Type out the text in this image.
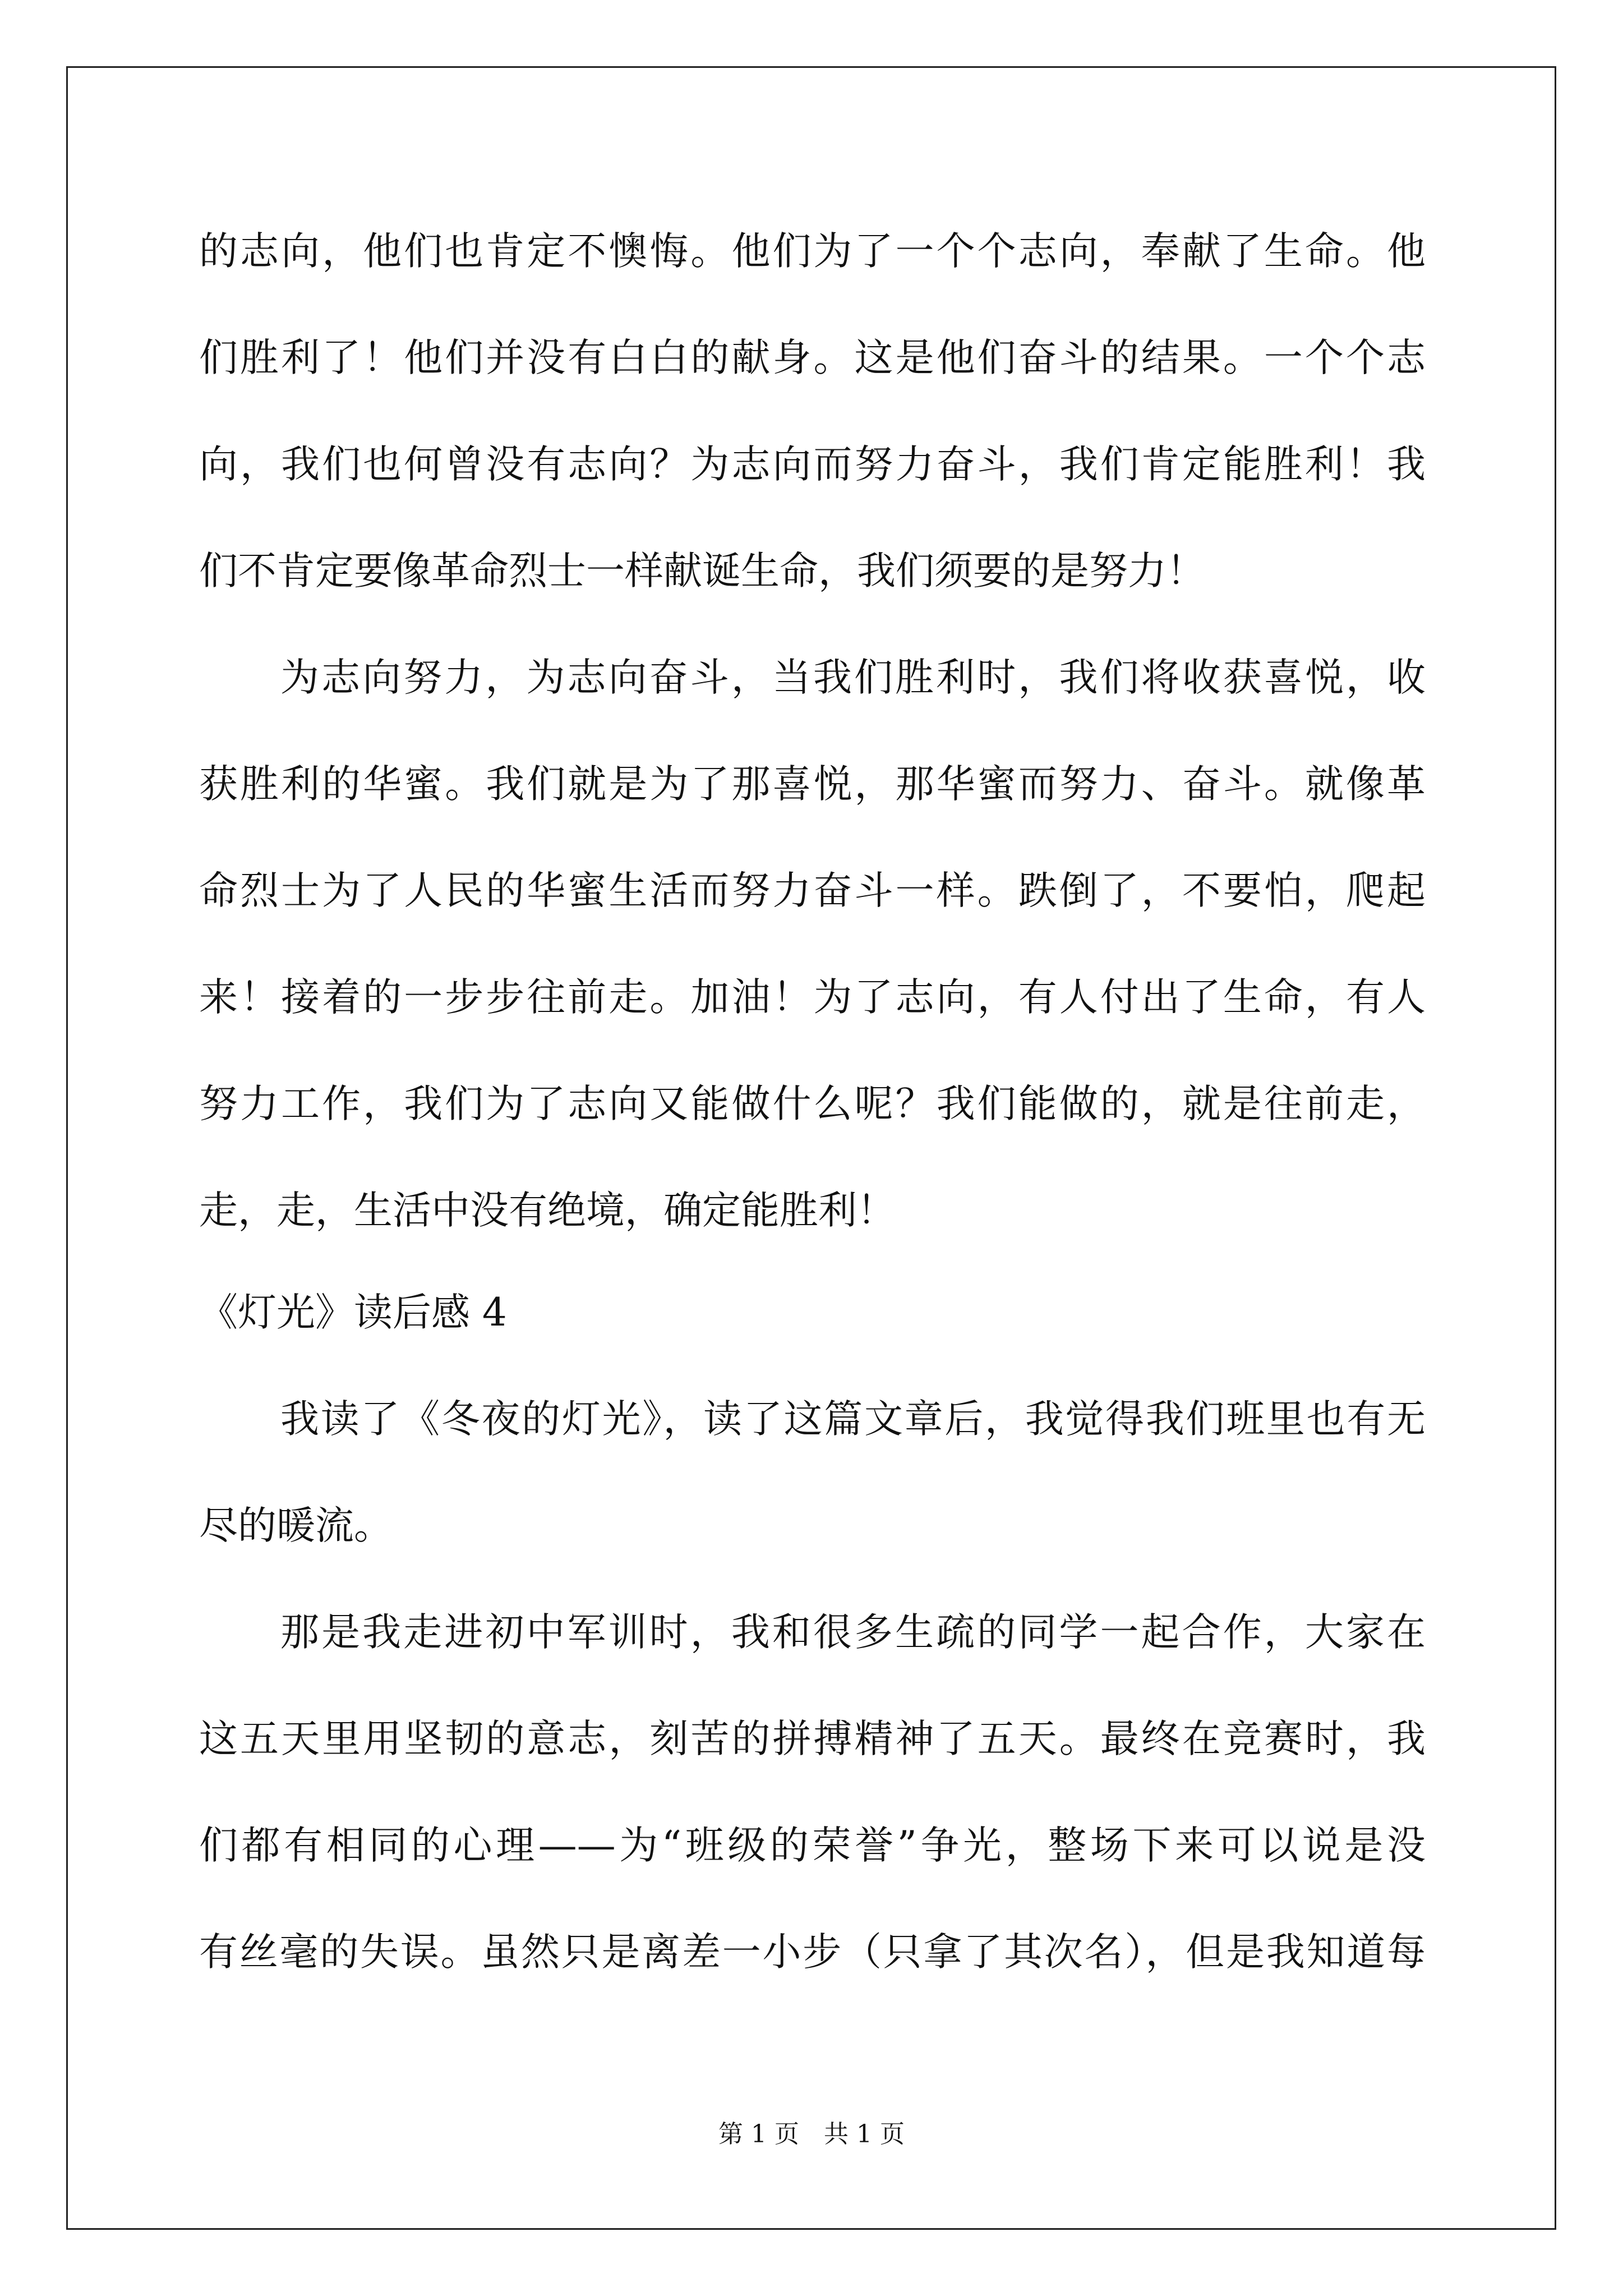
的志向，他们也肯定不懊悔。他们为了一个个志向，奉献了生命。他
们胜利了！他们并没有白白的献身。这是他们奋斗的结果。一个个志
向，我们也何曾没有志向？为志向而努力奋斗，我们肯定能胜利！我
们不肯定要像革命烈士一样献诞生命，我们须要的是努力！
为志向努力，为志向奋斗，当我们胜利时，我们将收获喜悦，收
获胜利的华蜜。我们就是为了那喜悦，那华蜜而努力、奋斗。就像革
命烈士为了人民的华蜜生活而努力奋斗一样。跌倒了，不要怕，爬起
来！接着的一步步往前走。加油！为了志向，有人付出了生命，有人
努力工作，我们为了志向又能做什么呢？我们能做的，就是往前走，
走，走，生活中没有绝境，确定能胜利！
《灯光》读后感 4
我读了《冬夜的灯光》，读了这篇文章后，我觉得我们班里也有无
尽的暖流。
那是我走进初中军训时，我和很多生疏的同学一起合作，大家在
这五天里用坚韧的意志，刻苦的拼搏精神了五天。最终在竞赛时，我
们都有相同的心理——为“班级的荣誉”争光，整场下来可以说是没
有丝毫的失误。虽然只是离差一小步（只拿了其次名），但是我知道每
第 1 页　共 1 页
